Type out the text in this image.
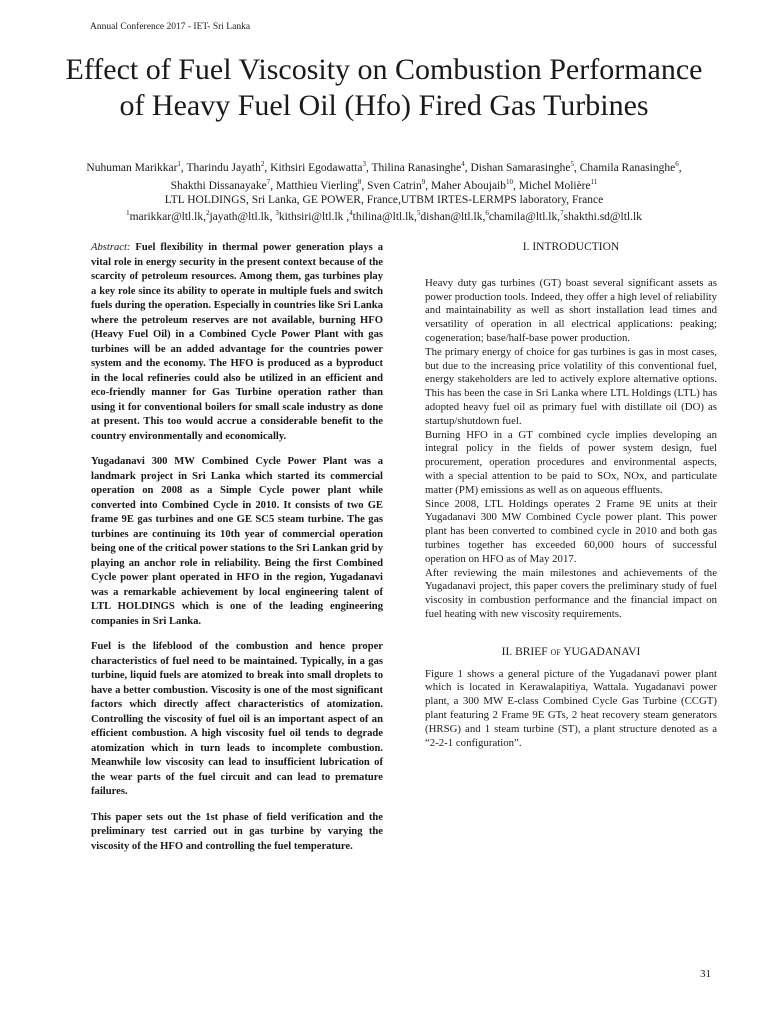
Annual Conference 2017 - IET- Sri Lanka
Effect of Fuel Viscosity on Combustion Performance of Heavy Fuel Oil (Hfo) Fired Gas Turbines
Nuhuman Marikkar$^1$, Tharindu Jayath$^2$, Kithsiri Egodawatta$^3$, Thilina Ranasinghe$^4$, Dishan Samarasinghe$^5$, Chamila Ranasinghe$^6$, Shakthi Dissanayake$^7$, Matthieu Vierling$^8$, Sven Catrin$^9$, Maher Aboujaib$^{10}$, Michel Molière$^{11}$
LTL HOLDINGS, Sri Lanka, GE POWER, France,UTBM IRTES-LERMPS laboratory, France
$^1$marikkar@ltl.lk,$^2$jayath@ltl.lk, $^3$kithsiri@ltl.lk ,$^4$thilina@ltl.lk,$^5$dishan@ltl.lk,$^6$chamila@ltl.lk,$^7$shakthi.sd@ltl.lk

Abstract: Fuel flexibility in thermal power generation plays a vital role in energy security in the present context because of the scarcity of petroleum resources. Among them, gas turbines play a key role since its ability to operate in multiple fuels and switch fuels during the operation. Especially in countries like Sri Lanka where the petroleum reserves are not available, burning HFO (Heavy Fuel Oil) in a Combined Cycle Power Plant with gas turbines will be an added advantage for the countries power system and the economy. The HFO is produced as a byproduct in the local refineries could also be utilized in an efficient and eco-friendly manner for Gas Turbine operation rather than using it for conventional boilers for small scale industry as done at present. This too would accrue a considerable benefit to the country environmentally and economically.

Yugadanavi 300 MW Combined Cycle Power Plant was a landmark project in Sri Lanka which started its commercial operation on 2008 as a Simple Cycle power plant while converted into Combined Cycle in 2010. It consists of two GE frame 9E gas turbines and one GE SC5 steam turbine. The gas turbines are continuing its 10th year of commercial operation being one of the critical power stations to the Sri Lankan grid by playing an anchor role in reliability. Being the first Combined Cycle power plant operated in HFO in the region, Yugadanavi was a remarkable achievement by local engineering talent of LTL HOLDINGS which is one of the leading engineering companies in Sri Lanka.

Fuel is the lifeblood of the combustion and hence proper characteristics of fuel need to be maintained. Typically, in a gas turbine, liquid fuels are atomized to break into small droplets to have a better combustion. Viscosity is one of the most significant factors which directly affect characteristics of atomization. Controlling the viscosity of fuel oil is an important aspect of an efficient combustion. A high viscosity fuel oil tends to degrade atomization which in turn leads to incomplete combustion. Meanwhile low viscosity can lead to insufficient lubrication of the wear parts of the fuel circuit and can lead to premature failures.

This paper sets out the 1st phase of field verification and the preliminary test carried out in gas turbine by varying the viscosity of the HFO and controlling the fuel temperature.

I. INTRODUCTION

Heavy duty gas turbines (GT) boast several significant assets as power production tools. Indeed, they offer a high level of reliability and maintainability as well as short installation lead times and versatility of operation in all electrical applications: peaking; cogeneration; base/half-base power production.

The primary energy of choice for gas turbines is gas in most cases, but due to the increasing price volatility of this conventional fuel, energy stakeholders are led to actively explore alternative options. This has been the case in Sri Lanka where LTL Holdings (LTL) has adopted heavy fuel oil as primary fuel with distillate oil (DO) as startup/shutdown fuel.

Burning HFO in a GT combined cycle implies developing an integral policy in the fields of power system design, fuel procurement, operation procedures and environmental aspects, with a special attention to be paid to SOx, NOx, and particulate matter (PM) emissions as well as on aqueous effluents.

Since 2008, LTL Holdings operates 2 Frame 9E units at their Yugadanavi 300 MW Combined Cycle power plant. This power plant has been converted to combined cycle in 2010 and both gas turbines together has exceeded 60,000 hours of successful operation on HFO as of May 2017.

After reviewing the main milestones and achievements of the Yugadanavi project, this paper covers the preliminary study of fuel viscosity in combustion performance and the financial impact on fuel heating with new viscosity requirements.

II. BRIEF of YUGADANAVI

Figure 1 shows a general picture of the Yugadanavi power plant which is located in Kerawalapitiya, Wattala. Yugadanavi power plant, a 300 MW E-class Combined Cycle Gas Turbine (CCGT) plant featuring 2 Frame 9E GTs, 2 heat recovery steam generators (HRSG) and 1 steam turbine (ST), a plant structure denoted as a “2-2-1 configuration”.

31
